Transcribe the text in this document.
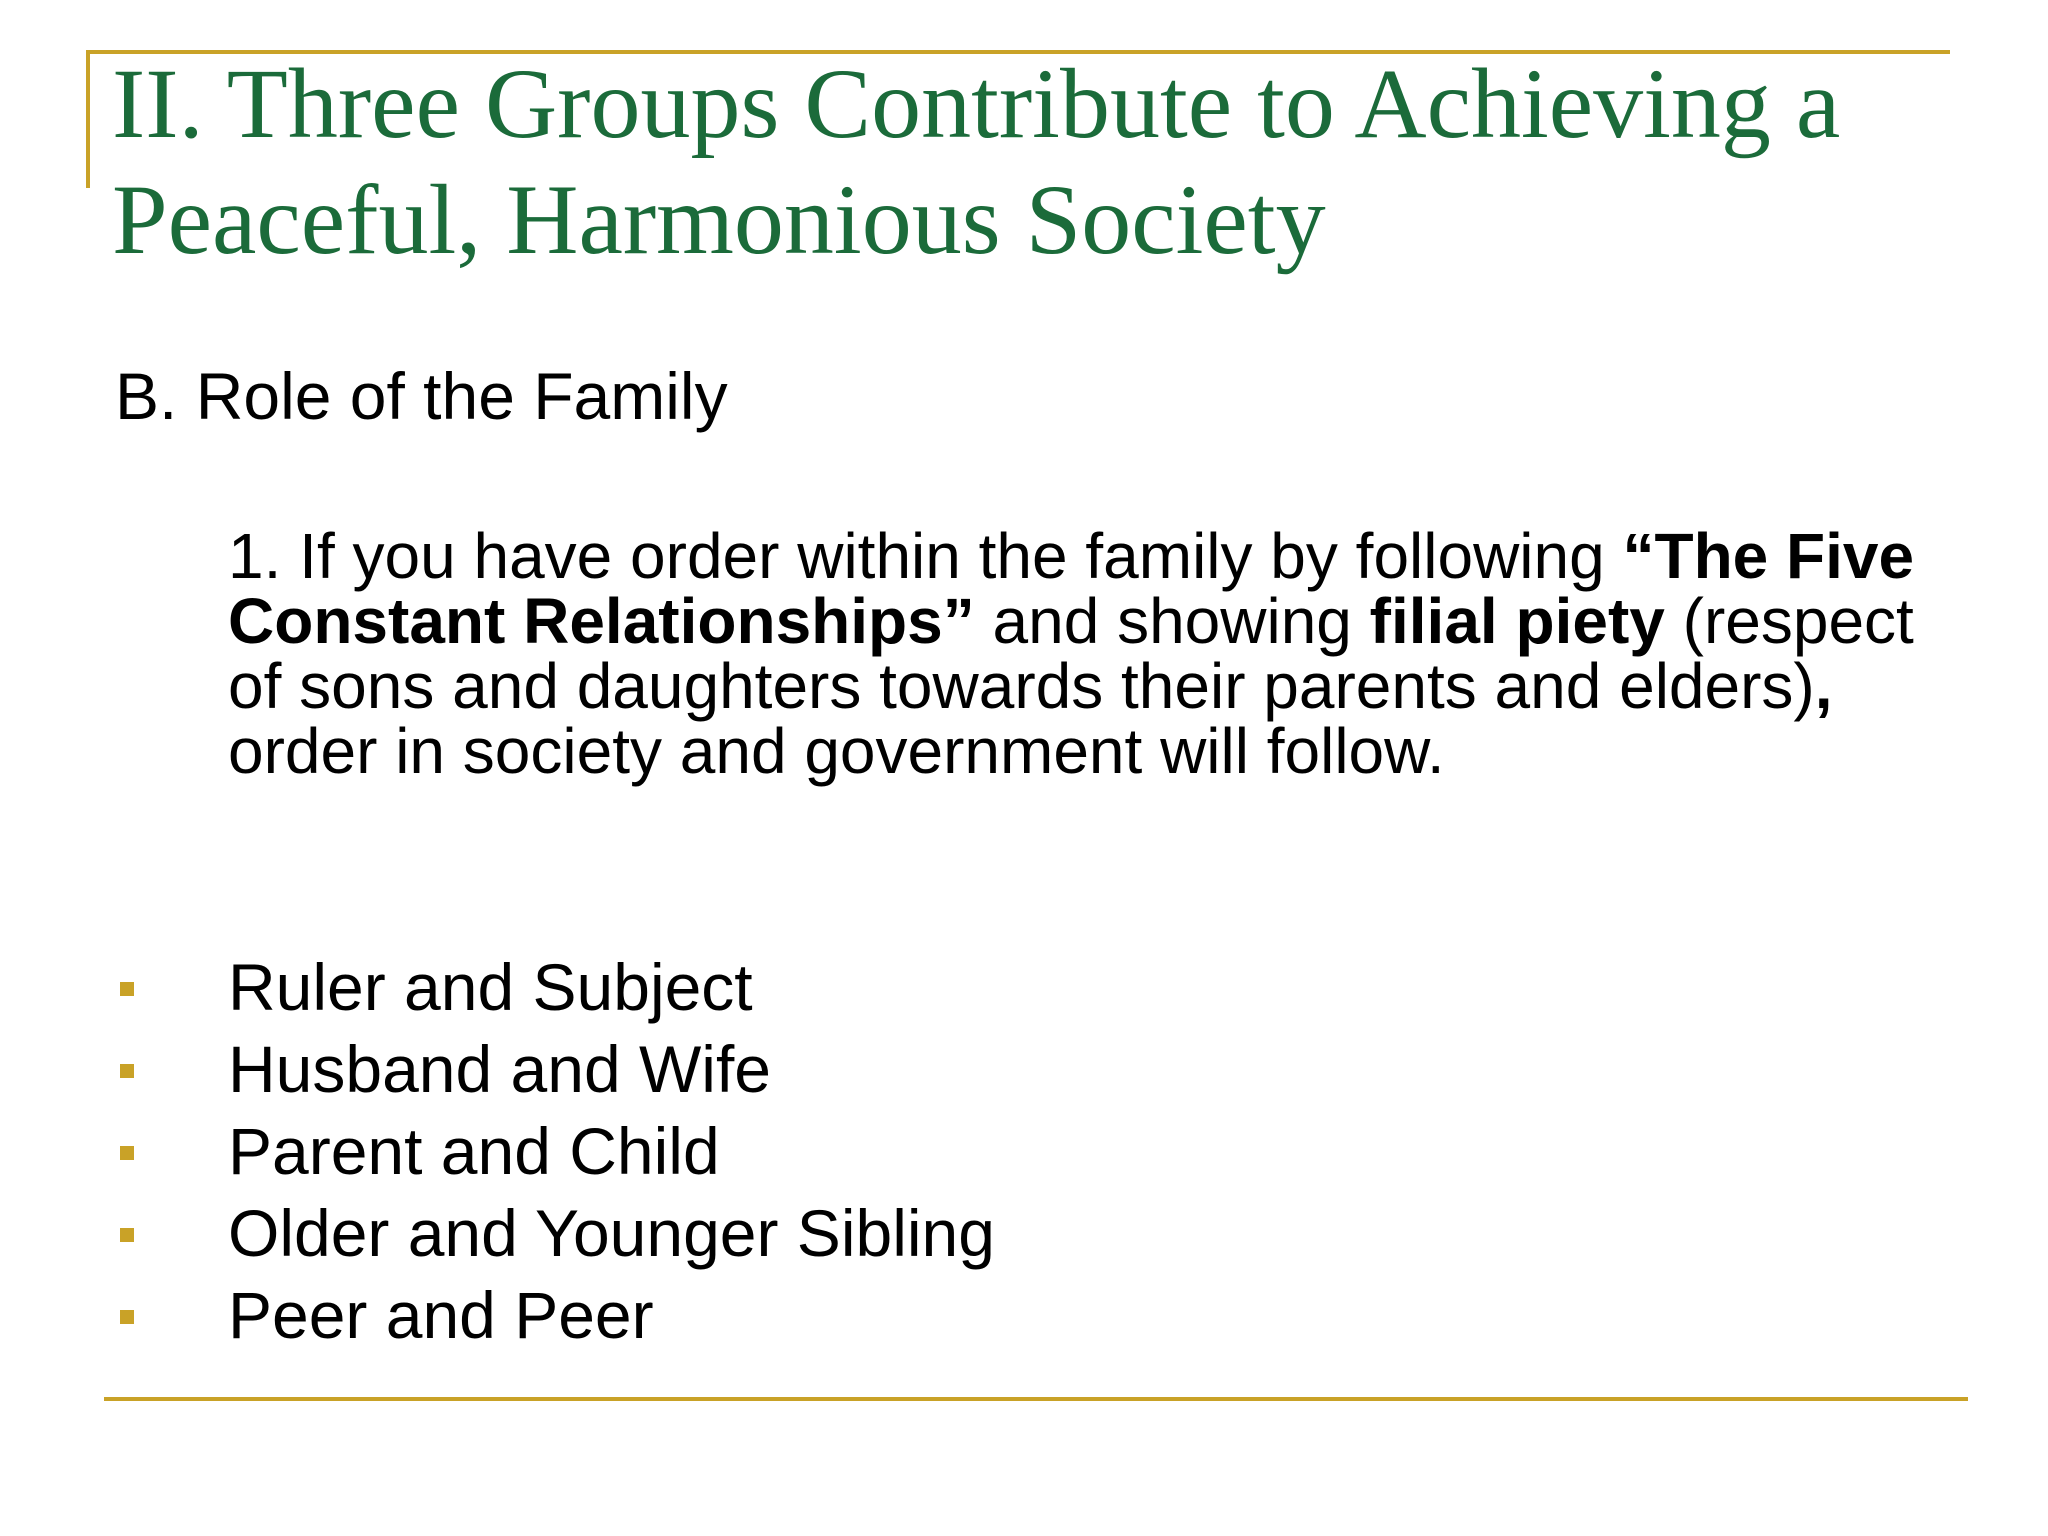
II. Three Groups Contribute to Achieving a Peaceful, Harmonious Society
B. Role of the Family

1. If you have order within the family by following “The Five Constant Relationships” and showing filial piety (respect of sons and daughters towards their parents and elders), order in society and government will follow.

Ruler and Subject
Husband and Wife
Parent and Child
Older and Younger Sibling
Peer and Peer
